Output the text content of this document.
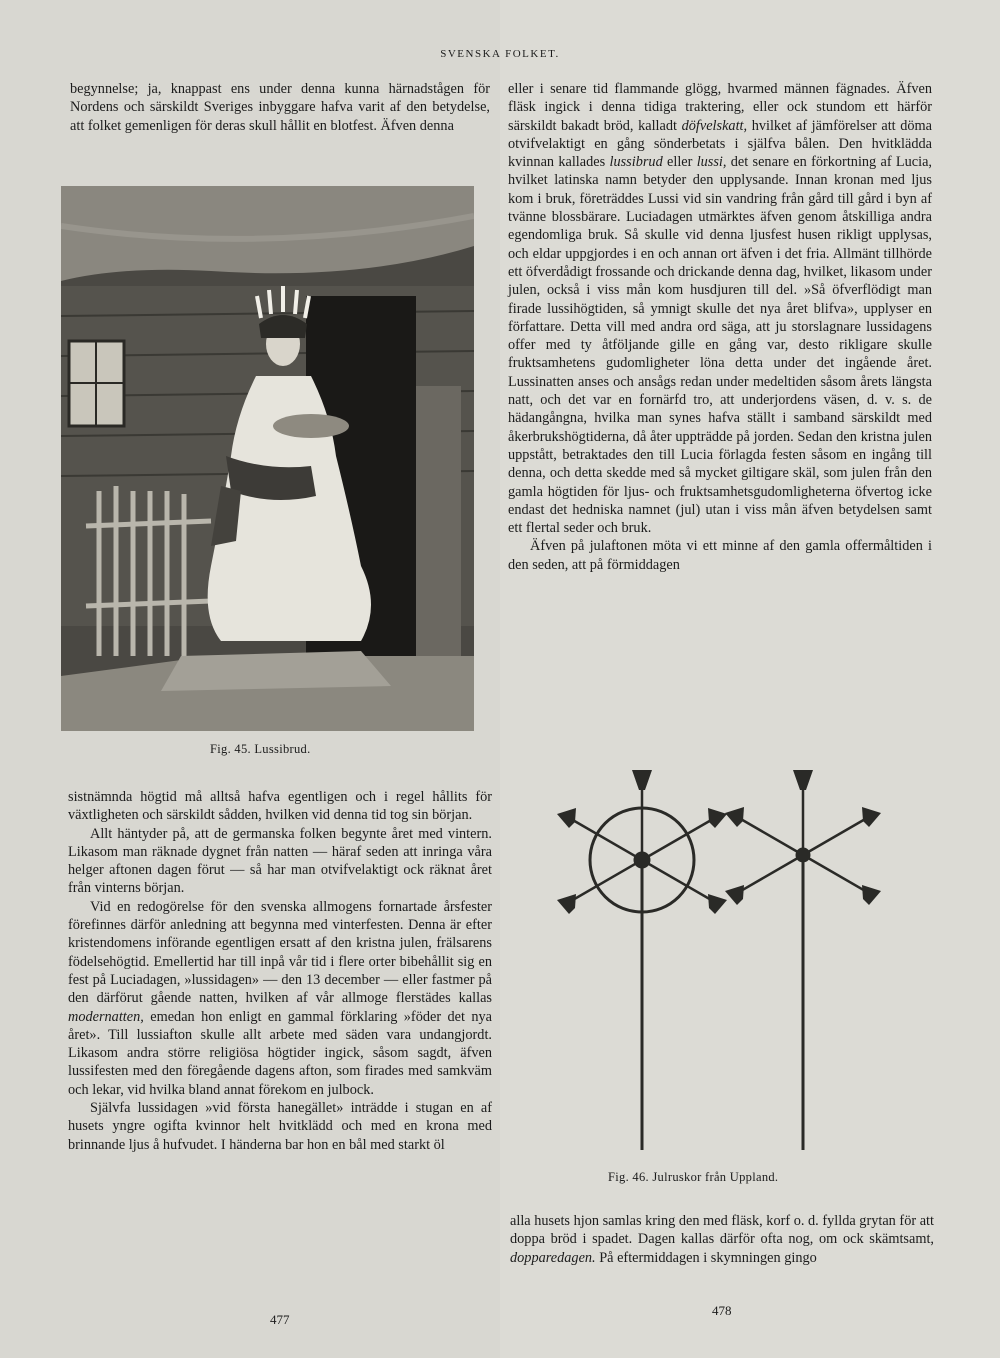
SVENSKA FOLKET.

begynnelse; ja, knappast ens under denna kunna härnadstågen för Nordens och särskildt Sveriges inbyggare hafva varit af den betydelse, att folket gemenligen för deras skull hållit en blotfest. Äfven denna

Fig. 45. Lussibrud.

sistnämnda högtid må alltså hafva egentligen och i regel hållits för växtligheten och särskildt sådden, hvilken vid denna tid tog sin början.

Allt häntyder på, att de germanska folken begynte året med vintern. Likasom man räknade dygnet från natten — häraf seden att inringa våra helger aftonen dagen förut — så har man otvifvelaktigt ock räknat året från vinterns början.

Vid en redogörelse för den svenska allmogens fornartade årsfester förefinnes därför anledning att begynna med vinterfesten. Denna är efter kristendomens införande egentligen ersatt af den kristna julen, frälsarens födelsehögtid. Emellertid har till inpå vår tid i flere orter bibehållit sig en fest på Luciadagen, »lussidagen» — den 13 december — eller fastmer på den därförut gående natten, hvilken af vår allmoge flerstädes kallas modernatten, emedan hon enligt en gammal förklaring »föder det nya året». Till lussiafton skulle allt arbete med säden vara undangjordt. Likasom andra större religiösa högtider ingick, såsom sagdt, äfven lussifesten med den föregående dagens afton, som firades med samkväm och lekar, vid hvilka bland annat förekom en julbock.

Självfa lussidagen »vid första hanegället» inträdde i stugan en af husets yngre ogifta kvinnor helt hvitklädd och med en krona med brinnande ljus å hufvudet. I händerna bar hon en bål med starkt öl

477

eller i senare tid flammande glögg, hvarmed männen fägnades. Äfven fläsk ingick i denna tidiga traktering, eller ock stundom ett härför särskildt bakadt bröd, kalladt döfvelskatt, hvilket af jämförelser att döma otvifvelaktigt en gång sönderbetats i själfva bålen. Den hvitklädda kvinnan kallades lussibrud eller lussi, det senare en förkortning af Lucia, hvilket latinska namn betyder den upplysande. Innan kronan med ljus kom i bruk, företräddes Lussi vid sin vandring från gård till gård i byn af tvänne blossbärare. Luciadagen utmärktes äfven genom åtskilliga andra egendomliga bruk. Så skulle vid denna ljusfest husen rikligt upplysas, och eldar uppgjordes i en och annan ort äfven i det fria. Allmänt tillhörde ett öfverdådigt frossande och drickande denna dag, hvilket, likasom under julen, också i viss mån kom husdjuren till del. »Så öfverflödigt man firade lussihögtiden, så ymnigt skulle det nya året blifva», upplyser en författare. Detta vill med andra ord säga, att ju storslagnare lussidagens offer med ty åtföljande gille en gång var, desto rikligare skulle fruktsamhetens gudomligheter löna detta under det ingående året. Lussinatten anses och ansågs redan under medeltiden såsom årets längsta natt, och det var en fornärfd tro, att underjordens väsen, d. v. s. de hädangångna, hvilka man synes hafva ställt i samband särskildt med åkerbrukshögtiderna, då åter uppträdde på jorden. Sedan den kristna julen uppstått, betraktades den till Lucia förlagda festen såsom en ingång till denna, och detta skedde med så mycket giltigare skäl, som julen från den gamla högtiden för ljus- och fruktsamhetsgudomligheterna öfvertog icke endast det hedniska namnet (jul) utan i viss mån äfven betydelsen samt ett flertal seder och bruk.

Äfven på julaftonen möta vi ett minne af den gamla offermåltiden i den seden, att på förmiddagen

Fig. 46. Julruskor från Uppland.

alla husets hjon samlas kring den med fläsk, korf o. d. fyllda grytan för att doppa bröd i spadet. Dagen kallas därför ofta nog, om ock skämtsamt, dopparedagen. På eftermiddagen i skymningen gingo

478
